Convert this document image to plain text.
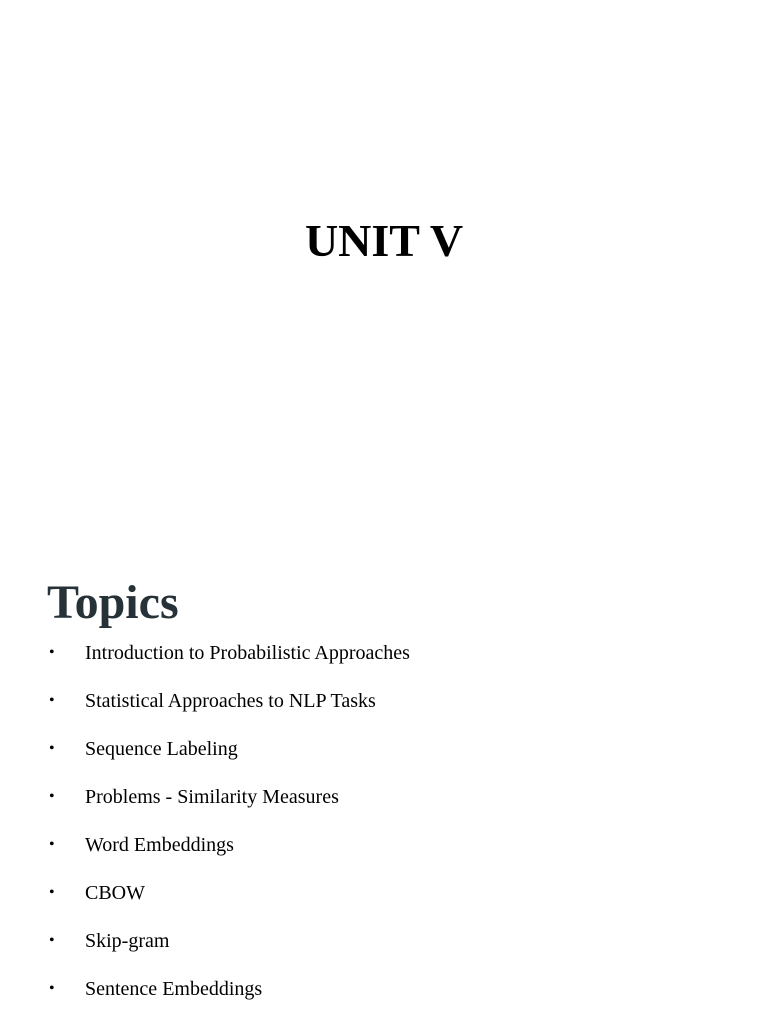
UNIT V
Topics
• Introduction to Probabilistic Approaches
• Statistical Approaches to NLP Tasks
• Sequence Labeling
• Problems - Similarity Measures
• Word Embeddings
• CBOW
• Skip-gram
• Sentence Embeddings
